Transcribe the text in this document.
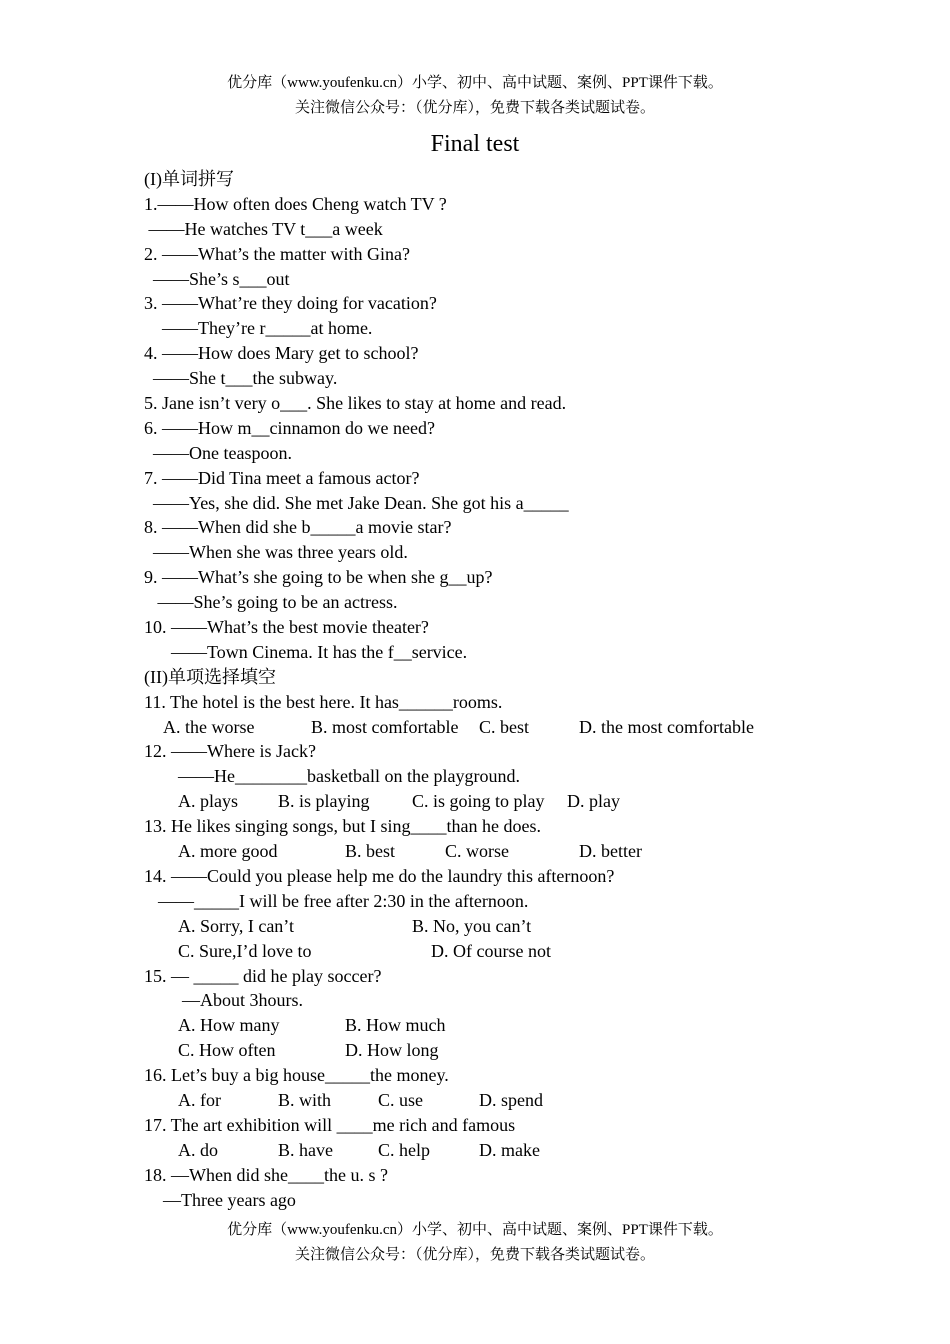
优分库（www.youfenku.cn）小学、初中、高中试题、案例、PPT课件下载。
关注微信公众号：（优分库），免费下载各类试题试卷。
Final test
(I)单词拼写
1.——How often does Cheng watch TV ?
——He watches TV t___a week
2. ——What’s the matter with Gina?
——She’s s___out
3. ——What’re they doing for vacation?
——They’re r_____at home.
4. ——How does Mary get to school?
——She t___the subway.
5. Jane isn’t very o___. She likes to stay at home and read.
6. ——How m__cinnamon do we need?
——One teaspoon.
7. ——Did Tina meet a famous actor?
——Yes, she did. She met Jake Dean. She got his a_____
8. ——When did she b_____a movie star?
——When she was three years old.
9. ——What’s she going to be when she g__up?
——She’s going to be an actress.
10. ——What’s the best movie theater?
——Town Cinema. It has the f__service.
(II)单项选择填空
11. The hotel is the best here. It has______rooms.

A. the worse

	B. most comfortable

C. best

	D. the most comfortable

12. ——Where is Jack?
——He________basketball on the playground.

A. plays

B. is playing

C. is going to play

D. play

13. He likes singing songs, but I sing____than he does.

A. more good

	B. best

	C. worse

	D. better

14. ——Could you please help me do the laundry this afternoon?
——_____I will be free after 2:30 in the afternoon.

A. Sorry, I can’t

	B. No, you can’t

C. Sure,I’d love to

	D. Of course not

15. — _____ did he play soccer?
—About 3hours.

A. How many

	B. How much

C. How often

	D. How long

16. Let’s buy a big house_____the money.

A. for

	B. with

	C. use

	D. spend

17. The art exhibition will ____me rich and famous

A. do

	B. have

	C. help

	D. make

18. —When did she____the u. s ?
—Three years ago
优分库（www.youfenku.cn）小学、初中、高中试题、案例、PPT课件下载。
关注微信公众号：（优分库），免费下载各类试题试卷。
